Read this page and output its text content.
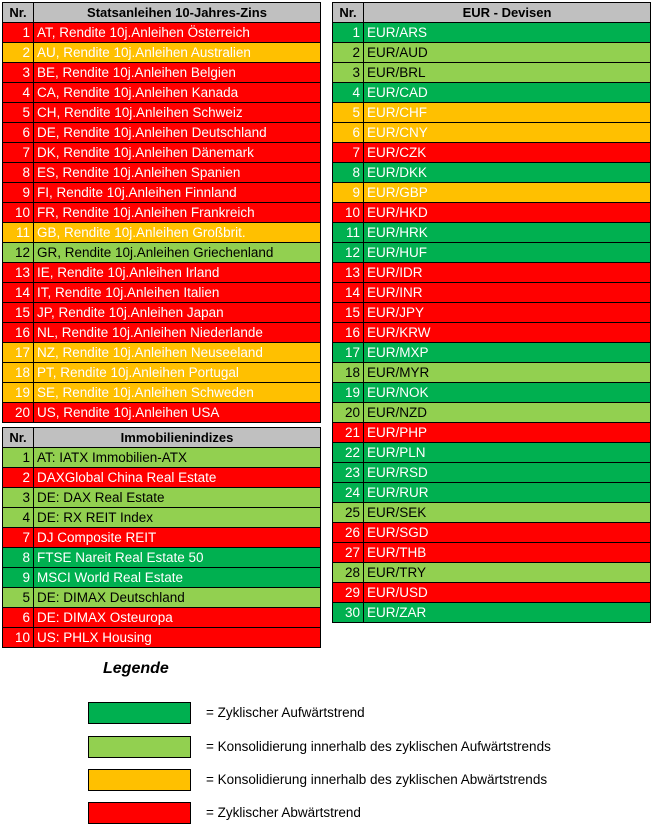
Nr.	Statsanleihen 10-Jahres-Zins
1	AT, Rendite 10j.Anleihen Österreich
2	AU, Rendite 10j.Anleihen Australien
3	BE, Rendite 10j.Anleihen Belgien
4	CA, Rendite 10j.Anleihen Kanada
5	CH, Rendite 10j.Anleihen Schweiz
6	DE, Rendite 10j.Anleihen Deutschland
7	DK, Rendite 10j.Anleihen Dänemark
8	ES, Rendite 10j.Anleihen Spanien
9	FI, Rendite 10j.Anleihen Finnland
10	FR, Rendite 10j.Anleihen Frankreich
11	GB, Rendite 10j.Anleihen Großbrit.
12	GR, Rendite 10j.Anleihen Griechenland
13	IE, Rendite 10j.Anleihen Irland
14	IT, Rendite 10j.Anleihen Italien
15	JP, Rendite 10j.Anleihen Japan
16	NL, Rendite 10j.Anleihen Niederlande
17	NZ, Rendite 10j.Anleihen Neuseeland
18	PT, Rendite 10j.Anleihen Portugal
19	SE, Rendite 10j.Anleihen Schweden
20	US, Rendite 10j.Anleihen USA
Nr.	Immobilienindizes
1	AT: IATX Immobilien-ATX
2	DAXGlobal China Real Estate
3	DE: DAX Real Estate
4	DE: RX REIT Index
7	DJ Composite REIT
8	FTSE Nareit Real Estate 50
9	MSCI World Real Estate
5	DE: DIMAX Deutschland
6	DE: DIMAX Osteuropa
10	US: PHLX Housing
Nr.	EUR - Devisen
1	EUR/ARS
2	EUR/AUD
3	EUR/BRL
4	EUR/CAD
5	EUR/CHF
6	EUR/CNY
7	EUR/CZK
8	EUR/DKK
9	EUR/GBP
10	EUR/HKD
11	EUR/HRK
12	EUR/HUF
13	EUR/IDR
14	EUR/INR
15	EUR/JPY
16	EUR/KRW
17	EUR/MXP
18	EUR/MYR
19	EUR/NOK
20	EUR/NZD
21	EUR/PHP
22	EUR/PLN
23	EUR/RSD
24	EUR/RUR
25	EUR/SEK
26	EUR/SGD
27	EUR/THB
28	EUR/TRY
29	EUR/USD
30	EUR/ZAR
Legende
= Zyklischer Aufwärtstrend
= Konsolidierung innerhalb des zyklischen Aufwärtstrends
= Konsolidierung innerhalb des zyklischen Abwärtstrends
= Zyklischer Abwärtstrend
